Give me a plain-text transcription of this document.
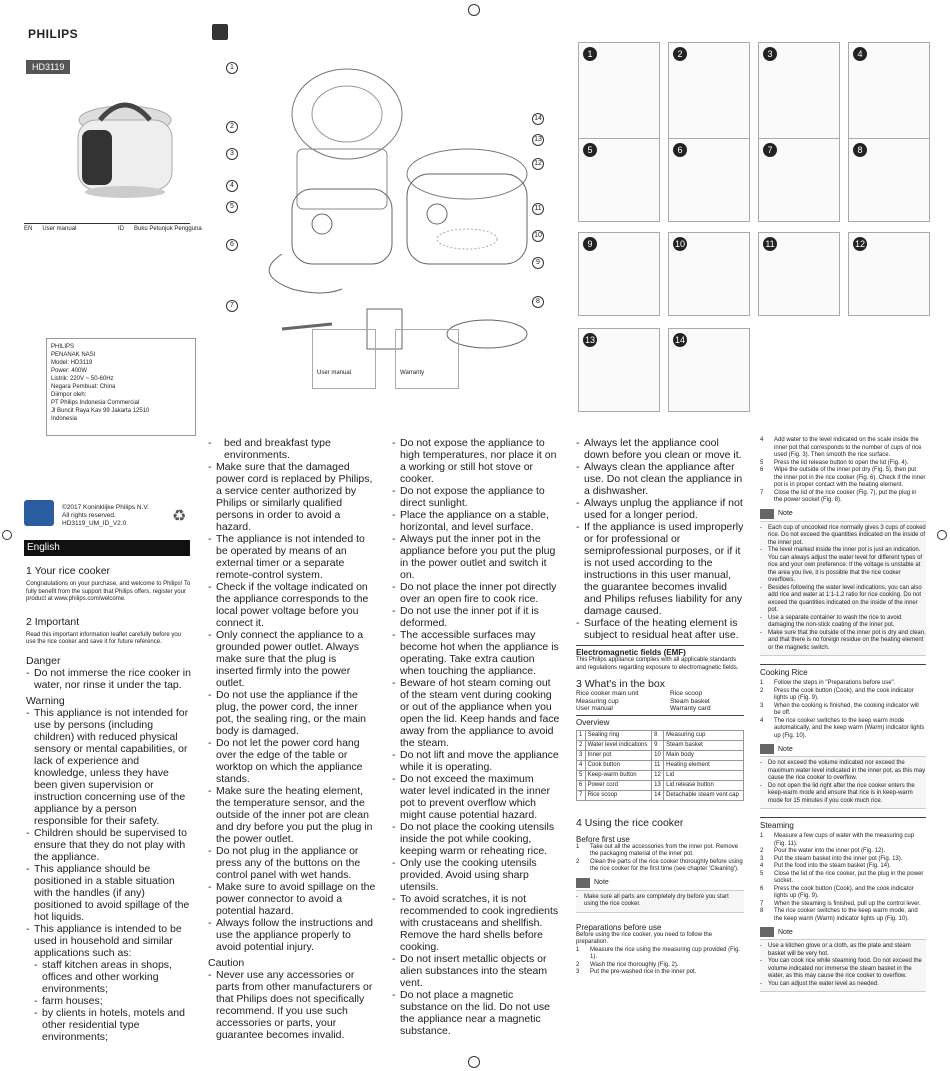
PHILIPS
HD3119
EN User manual	ID Buku Petunjuk Pengguna
PHILIPS
PENANAK NASI
Model: HD3119
Power: 400W
Listrik: 220V ~ 50-60Hz
Negara Pembuat: China
Diimpor oleh:
PT Philips Indonesia Commercial
Jl Buncit Raya Kav 99 Jakarta 12510
Indonesia
©2017 Koninklijke Philips N.V.
All rights reserved.
HD3119_UM_ID_V2.0	♻
English
1 Your rice cooker
Congratulations on your purchase, and welcome to Philips! To fully benefit from the support that Philips offers, register your product at www.philips.com/welcome.
2 Important
Read this important information leaflet carefully before you use the rice cooker and save it for future reference.
Danger
- Do not immerse the rice cooker in water, nor rinse it under the tap.
Warning
- This appliance is not intended for use by persons (including children) with reduced physical sensory or mental capabilities, or lack of experience and knowledge, unless they have been given supervision or instruction concerning use of the appliance by a person responsible for their safety.
- Children should be supervised to ensure that they do not play with the appliance.
- This appliance should be positioned in a stable situation with the handles (if any) positioned to avoid spillage of the hot liquids.
- This appliance is intended to be used in household and similar applications such as:
- staff kitchen areas in shops, offices and other working environments;
- farm houses;
- by clients in hotels, motels and other residential type environments;
- bed and breakfast type environments.
- Make sure that the damaged power cord is replaced by Philips, a service center authorized by Philips or similarly qualified persons in order to avoid a hazard.
- The appliance is not intended to be operated by means of an external timer or a separate remote-control system.
- Check if the voltage indicated on the appliance corresponds to the local power voltage before you connect it.
- Only connect the appliance to a grounded power outlet. Always make sure that the plug is inserted firmly into the power outlet.
- Do not use the appliance if the plug, the power cord, the inner pot, the sealing ring, or the main body is damaged.
- Do not let the power cord hang over the edge of the table or worktop on which the appliance stands.
- Make sure the heating element, the temperature sensor, and the outside of the inner pot are clean and dry before you put the plug in the power outlet.
- Do not plug in the appliance or press any of the buttons on the control panel with wet hands.
- Make sure to avoid spillage on the power connector to avoid a potential hazard.
- Always follow the instructions and use the appliance properly to avoid potential injury.
Caution
- Never use any accessories or parts from other manufacturers or that Philips does not specifically recommend. If you use such accessories or parts, your guarantee becomes invalid.
- Do not expose the appliance to high temperatures, nor place it on a working or still hot stove or cooker.
- Do not expose the appliance to direct sunlight.
- Place the appliance on a stable, horizontal, and level surface.
- Always put the inner pot in the appliance before you put the plug in the power outlet and switch it on.
- Do not place the inner pot directly over an open fire to cook rice.
- Do not use the inner pot if it is deformed.
- The accessible surfaces may become hot when the appliance is operating. Take extra caution when touching the appliance.
- Beware of hot steam coming out of the steam vent during cooking or out of the appliance when you open the lid. Keep hands and face away from the appliance to avoid the steam.
- Do not lift and move the appliance while it is operating.
- Do not exceed the maximum water level indicated in the inner pot to prevent overflow which might cause potential hazard.
- Do not place the cooking utensils inside the pot while cooking, keeping warm or reheating rice.
- Only use the cooking utensils provided. Avoid using sharp utensils.
- To avoid scratches, it is not recommended to cook ingredients with crustaceans and shellfish. Remove the hard shells before cooking.
- Do not insert metallic objects or alien substances into the steam vent.
- Do not place a magnetic substance on the lid. Do not use the appliance near a magnetic substance.
- Always let the appliance cool down before you clean or move it.
- Always clean the appliance after use. Do not clean the appliance in a dishwasher.
- Always unplug the appliance if not used for a longer period.
- If the appliance is used improperly or for professional or semiprofessional purposes, or if it is not used according to the instructions in this user manual, the guarantee becomes invalid and Philips refuses liability for any damage caused.
- Surface of the heating element is subject to residual heat after use.
Electromagnetic fields (EMF)
This Philips appliance complies with all applicable standards and regulations regarding exposure to electromagnetic fields.
3 What's in the box
Rice cooker main unit
Measuring cup
User manual
Rice scoop
Steam basket
Warranty card
Overview
1	Sealing ring	8	Measuring cup
2	Water level indications	9	Steam basket
3	Inner pot	10	Main body
4	Cook button	11	Heating element
5	Keep-warm button	12	Lid
6	Power cord	13	Lid release button
7	Rice scoop	14	Detachable steam vent cap
4 Using the rice cooker
Before first use
1	Take out all the accessories from the inner pot. Remove the packaging material of the inner pot.
2	Clean the parts of the rice cooker thoroughly before using the rice cooker for the first time (see chapter 'Cleaning').
Note
- Make sure all parts are completely dry before you start using the rice cooker.
Preparations before use
Before using the rice cooker, you need to follow the preparation.
1	Measure the rice using the measuring cup provided (Fig. 1).
2	Wash the rice thoroughly (Fig. 2).
3	Put the pre-washed rice in the inner pot.
4	Add water to the level indicated on the scale inside the inner pot that corresponds to the number of cups of rice used (Fig. 3). Then smooth the rice surface.
5	Press the lid release button to open the lid (Fig. 4).
6	Wipe the outside of the inner pot dry (Fig. 5), then put the inner pot in the rice cooker (Fig. 6). Check if the inner pot is in proper contact with the heating element.
7	Close the lid of the rice cooker (Fig. 7), put the plug in the power socket (Fig. 8).
Note
- Each cup of uncooked rice normally gives 3 cups of cooked rice. Do not exceed the quantities indicated on the inside of the inner pot.
- The level marked inside the inner pot is just an indication. You can always adjust the water level for different types of rice and your own preference. If the voltage is unstable at the area you live, it is possible that the rice cooker overflows.
- Besides following the water level indications, you can also add rice and water at 1:1-1.2 ratio for rice cooking. Do not exceed the quantities indicated on the inside of the inner pot.
- Use a separate container to wash the rice to avoid damaging the non-stick coating of the inner pot.
- Make sure that the outside of the inner pot is dry and clean, and that there is no foreign residue on the heating element or the magnetic switch.
Cooking Rice
1	Follow the steps in "Preparations before use".
2	Press the cook button (Cook), and the cook indicator lights up (Fig. 9).
3	When the cooking is finished, the cooking indicator will be off.
4	The rice cooker switches to the keep warm mode automatically, and the keep warm (Warm) indicator lights up (Fig. 10).
Note
- Do not exceed the volume indicated nor exceed the maximum water level indicated in the inner pot, as this may cause the rice cooker to overflow.
- Do not open the lid right after the rice cooker enters the keep-warm mode and ensure that rice is in keep-warm mode for 15 minutes if you cook much rice.
Steaming
1	Measure a few cups of water with the measuring cup (Fig. 11).
2	Pour the water into the inner pot (Fig. 12).
3	Put the steam basket into the inner pot (Fig. 13).
4	Put the food into the steam basket (Fig. 14).
5	Close the lid of the rice cooker, put the plug in the power socket.
6	Press the cook button (Cook), and the cook indicator lights up (Fig. 9).
7	When the steaming is finished, pull up the control lever.
8	The rice cooker switches to the keep warm mode, and the keep warm (Warm) indicator lights up (Fig. 10).
Note
- Use a kitchen glove or a cloth, as the plate and steam basket will be very hot.
- You can cook rice while steaming food. Do not exceed the volume indicated nor immerse the steam basket in the water, as this may cause the rice cooker to overflow.
- You can adjust the water level as needed.
1
2
3
4
5
6
7
8
9
10
11
12
13
14
User manual	Warranty
1	2	3	4
5	6	7	8
9	10	11	12
13	14
